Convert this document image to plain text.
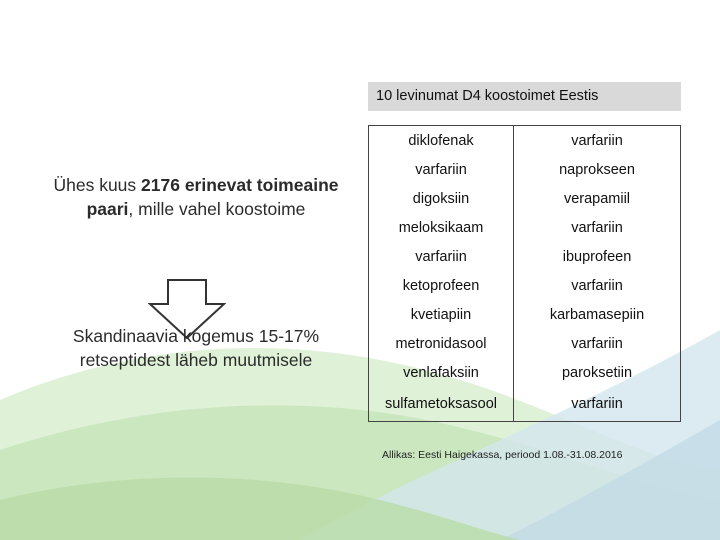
Ühes kuus 2176 erinevat toimeaine paari, mille vahel koostoime
Skandinaavia kogemus 15-17% retseptidest läheb muutmisele
10 levinumat D4 koostoimet Eestis
diklofenak	varfariin
varfariin	naprokseen
digoksiin	verapamiil
meloksikaam	varfariin
varfariin	ibuprofeen
ketoprofeen	varfariin
kvetiapiin	karbamasepiin
metronidasool	varfariin
venlafaksiin	paroksetiin
sulfametoksasool	varfariin
Allikas: Eesti Haigekassa, periood 1.08.-31.08.2016
